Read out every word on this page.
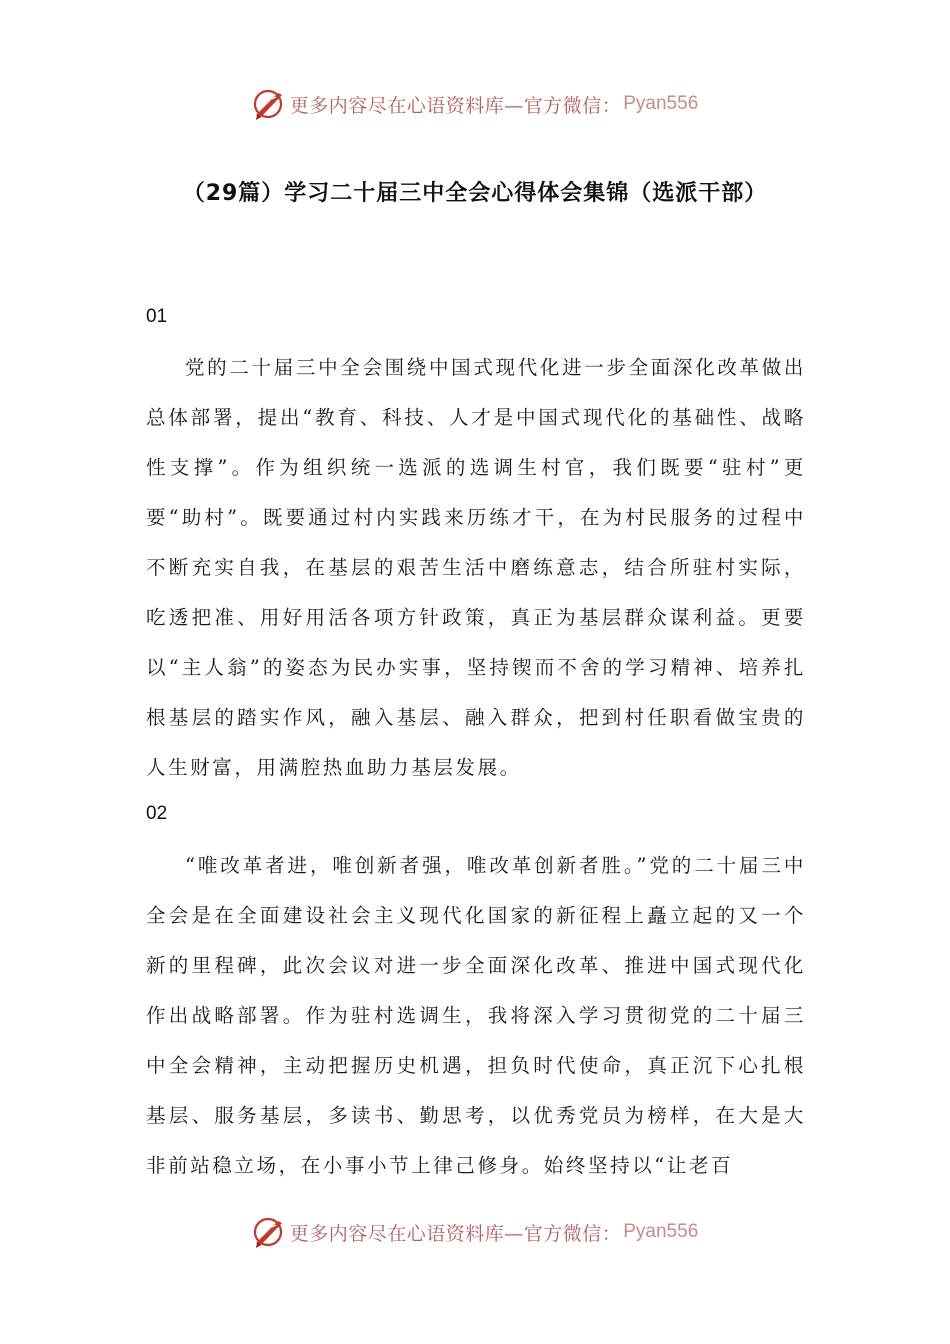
更多内容尽在心语资料库—官方微信： Pyan556
（29篇）学习二十届三中全会心得体会集锦（选派干部）
01

党的二十届三中全会围绕中国式现代化进一步全面深化改革做出总体部署，提出“教育、科技、人才是中国式现代化的基础性、战略性支撑”。作为组织统一选派的选调生村官，我们既要“驻村”更要“助村”。既要通过村内实践来历练才干，在为村民服务的过程中不断充实自我，在基层的艰苦生活中磨练意志，结合所驻村实际，吃透把准、用好用活各项方针政策，真正为基层群众谋利益。更要以“主人翁”的姿态为民办实事，坚持锲而不舍的学习精神、培养扎根基层的踏实作风，融入基层、融入群众，把到村任职看做宝贵的人生财富，用满腔热血助力基层发展。

02

“唯改革者进，唯创新者强，唯改革创新者胜。”党的二十届三中全会是在全面建设社会主义现代化国家的新征程上矗立起的又一个新的里程碑，此次会议对进一步全面深化改革、推进中国式现代化作出战略部署。作为驻村选调生，我将深入学习贯彻党的二十届三中全会精神，主动把握历史机遇，担负时代使命，真正沉下心扎根基层、服务基层，多读书、勤思考，以优秀党员为榜样，在大是大非前站稳立场，在小事小节上律己修身。始终坚持以“让老百

更多内容尽在心语资料库—官方微信： Pyan556
